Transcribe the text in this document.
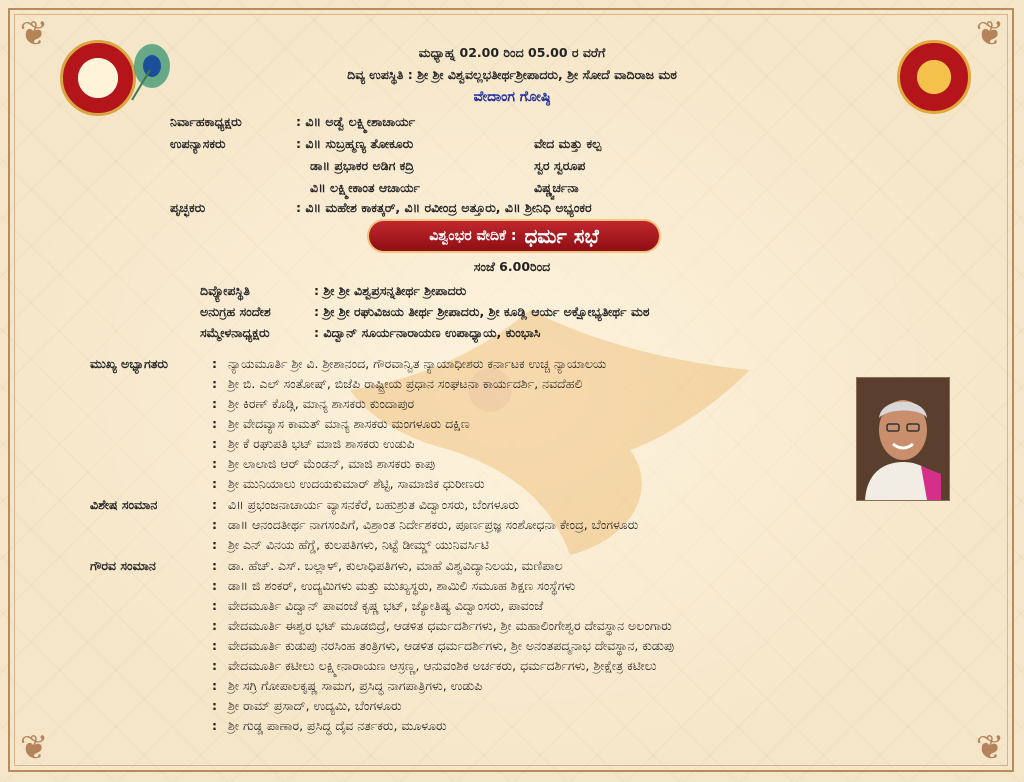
❦	❦
❦	❦
ಮಧ್ಯಾಹ್ನ 02.00 ರಿಂದ 05.00 ರ ವರೆಗೆ
ದಿವ್ಯ ಉಪಸ್ಥಿತಿ : ಶ್ರೀ ಶ್ರೀ ವಿಶ್ವವಲ್ಲಭತೀರ್ಥಶ್ರೀಪಾದರು, ಶ್ರೀ ಸೋದೆ ವಾದಿರಾಜ ಮಠ
ವೇದಾಂಗ ಗೋಷ್ಠಿ
ನಿರ್ವಾಹಕಾಧ್ಯಕ್ಷರು	: ವಿ॥ ಅಡ್ವೆ ಲಕ್ಷ್ಮೀಶಾಚಾರ್ಯ
ಉಪನ್ಯಾಸಕರು	: ವಿ॥ ಸುಬ್ರಹ್ಮಣ್ಯ ತೋಕೂರು	ವೇದ ಮತ್ತು ಕಲ್ಪ
ಡಾ॥ ಪ್ರಭಾಕರ ಅಡಿಗ ಕದ್ರಿ	ಸ್ವರ ಸ್ವರೂಪ
ವಿ॥ ಲಕ್ಷ್ಮೀಕಾಂತ ಆಚಾರ್ಯ	ವಿಷ್ಣ್ವರ್ಚನಾ
ಪೃಚ್ಛಕರು	: ವಿ॥ ಮಹೇಶ ಕಾಕತ್ಕರ್, ವಿ॥ ರವೀಂದ್ರ ಅತ್ತೂರು, ವಿ॥ ಶ್ರೀನಿಧಿ ಅಭ್ಯಂಕರ
ವಿಶ್ವಂಭರ ವೇದಿಕೆ : ಧರ್ಮ ಸಭೆ
ಸಂಜೆ 6.00ರಿಂದ
ದಿವ್ಯೋಪಸ್ಥಿತಿ	: ಶ್ರೀ ಶ್ರೀ ವಿಶ್ವಪ್ರಸನ್ನತೀರ್ಥ ಶ್ರೀಪಾದರು
ಅನುಗ್ರಹ ಸಂದೇಶ	: ಶ್ರೀ ಶ್ರೀ ರಘುವಿಜಯ ತೀರ್ಥ ಶ್ರೀಪಾದರು, ಶ್ರೀ ಕೂಡ್ಲಿ ಆರ್ಯ ಅಕ್ಷೋಭ್ಯತೀರ್ಥ ಮಠ
ಸಮ್ಮೇಳನಾಧ್ಯಕ್ಷರು	: ವಿದ್ವಾನ್ ಸೂರ್ಯನಾರಾಯಣ ಉಪಾಧ್ಯಾಯ, ಕುಂಭಾಸಿ
ಮುಖ್ಯ ಅಭ್ಯಾಗತರು	: ನ್ಯಾಯಮೂರ್ತಿ ಶ್ರೀ ವಿ. ಶ್ರೀಶಾನಂದ, ಗೌರವಾನ್ವಿತ ನ್ಯಾಯಾಧೀಶರು ಕರ್ನಾಟಕ ಉಚ್ಚ ನ್ಯಾಯಾಲಯ
: ಶ್ರೀ ಬಿ. ಎಲ್ ಸಂತೋಷ್, ಬಿಜೆಪಿ ರಾಷ್ಟ್ರೀಯ ಪ್ರಧಾನ ಸಂಘಟನಾ ಕಾರ್ಯದರ್ಶಿ, ನವದೆಹಲಿ
: ಶ್ರೀ ಕಿರಣ್ ಕೊಡ್ಗಿ, ಮಾನ್ಯ ಶಾಸಕರು ಕುಂದಾಪುರ
: ಶ್ರೀ ವೇದವ್ಯಾಸ ಕಾಮತ್ ಮಾನ್ಯ ಶಾಸಕರು ಮಂಗಳೂರು ದಕ್ಷಿಣ
: ಶ್ರೀ ಕೆ ರಘುಪತಿ ಭಟ್ ಮಾಜಿ ಶಾಸಕರು ಉಡುಪಿ
: ಶ್ರೀ ಲಾಲಾಜಿ ಆರ್ ಮೆಂಡನ್, ಮಾಜಿ ಶಾಸಕರು ಕಾಪು
: ಶ್ರೀ ಮುನಿಯಾಲು ಉದಯಕುಮಾರ್ ಶೆಟ್ಟಿ, ಸಾಮಾಜಿಕ ಧುರೀಣರು
ವಿಶೇಷ ಸಂಮಾನ	: ವಿ॥ ಪ್ರಭಂಜನಾಚಾರ್ಯ ವ್ಯಾಸನಕೆರೆ, ಬಹುಶ್ರುತ ವಿದ್ವಾಂಸರು, ಬೆಂಗಳೂರು
: ಡಾ॥ ಆನಂದತೀರ್ಥ ನಾಗಸಂಪಿಗೆ, ವಿಶ್ರಾಂತ ನಿರ್ದೇಶಕರು, ಪೂರ್ಣಪ್ರಜ್ಞ ಸಂಶೋಧನಾ ಕೇಂದ್ರ, ಬೆಂಗಳೂರು
: ಶ್ರೀ ಎನ್ ವಿನಯ ಹೆಗ್ಡೆ, ಕುಲಪತಿಗಳು, ನಿಟ್ಟೆ ಡೀಮ್ಡ್ ಯುನಿವರ್ಸಿಟಿ
ಗೌರವ ಸಂಮಾನ	: ಡಾ. ಹೆಚ್. ಎಸ್. ಬಲ್ಲಾಳ್, ಕುಲಾಧಿಪತಿಗಳು, ಮಾಹೆ ವಿಶ್ವವಿದ್ಯಾನಿಲಯ, ಮಣಿಪಾಲ
: ಡಾ॥ ಜಿ ಶಂಕರ್, ಉದ್ಯಮಿಗಳು ಮತ್ತು ಮುಖ್ಯಸ್ಥರು, ಶಾಮಿಲಿ ಸಮೂಹ ಶಿಕ್ಷಣ ಸಂಸ್ಥೆಗಳು
: ವೇದಮೂರ್ತಿ ವಿದ್ವಾನ್ ಪಾವಂಜೆ ಕೃಷ್ಣ ಭಟ್, ಜ್ಯೋತಿಷ್ಯ ವಿದ್ವಾಂಸರು, ಪಾವಂಜೆ
: ವೇದಮೂರ್ತಿ ಈಶ್ವರ ಭಟ್ ಮೂಡಬಿದ್ರೆ, ಆಡಳಿತ ಧರ್ಮದರ್ಶಿಗಳು, ಶ್ರೀ ಮಹಾಲಿಂಗೇಶ್ವರ ದೇವಸ್ಥಾನ ಅಲಂಗಾರು
: ವೇದಮೂರ್ತಿ ಕುಡುಪು ನರಸಿಂಹ ತಂತ್ರಿಗಳು, ಆಡಳಿತ ಧರ್ಮದರ್ಶಿಗಳು, ಶ್ರೀ ಅನಂತಪದ್ಮನಾಭ ದೇವಸ್ಥಾನ, ಕುಡುಪು
: ವೇದಮೂರ್ತಿ ಕಟೀಲು ಲಕ್ಷ್ಮೀನಾರಾಯಣ ಆಸ್ರಣ್ಣ, ಆನುವಂಶಿಕ ಅರ್ಚಕರು, ಧರ್ಮದರ್ಶಿಗಳು, ಶ್ರೀಕ್ಷೇತ್ರ ಕಟೀಲು
: ಶ್ರೀ ಸಗ್ರಿ ಗೋಪಾಲಕೃಷ್ಣ ಸಾಮಗ, ಪ್ರಸಿದ್ಧ ನಾಗಪಾತ್ರಿಗಳು, ಉಡುಪಿ
: ಶ್ರೀ ರಾಮ್ ಪ್ರಸಾದ್, ಉದ್ಯಮಿ, ಬೆಂಗಳೂರು
: ಶ್ರೀ ಗುಡ್ಡ ಪಾಣಾರ, ಪ್ರಸಿದ್ಧ ದೈವ ನರ್ತಕರು, ಮೂಳೂರು
